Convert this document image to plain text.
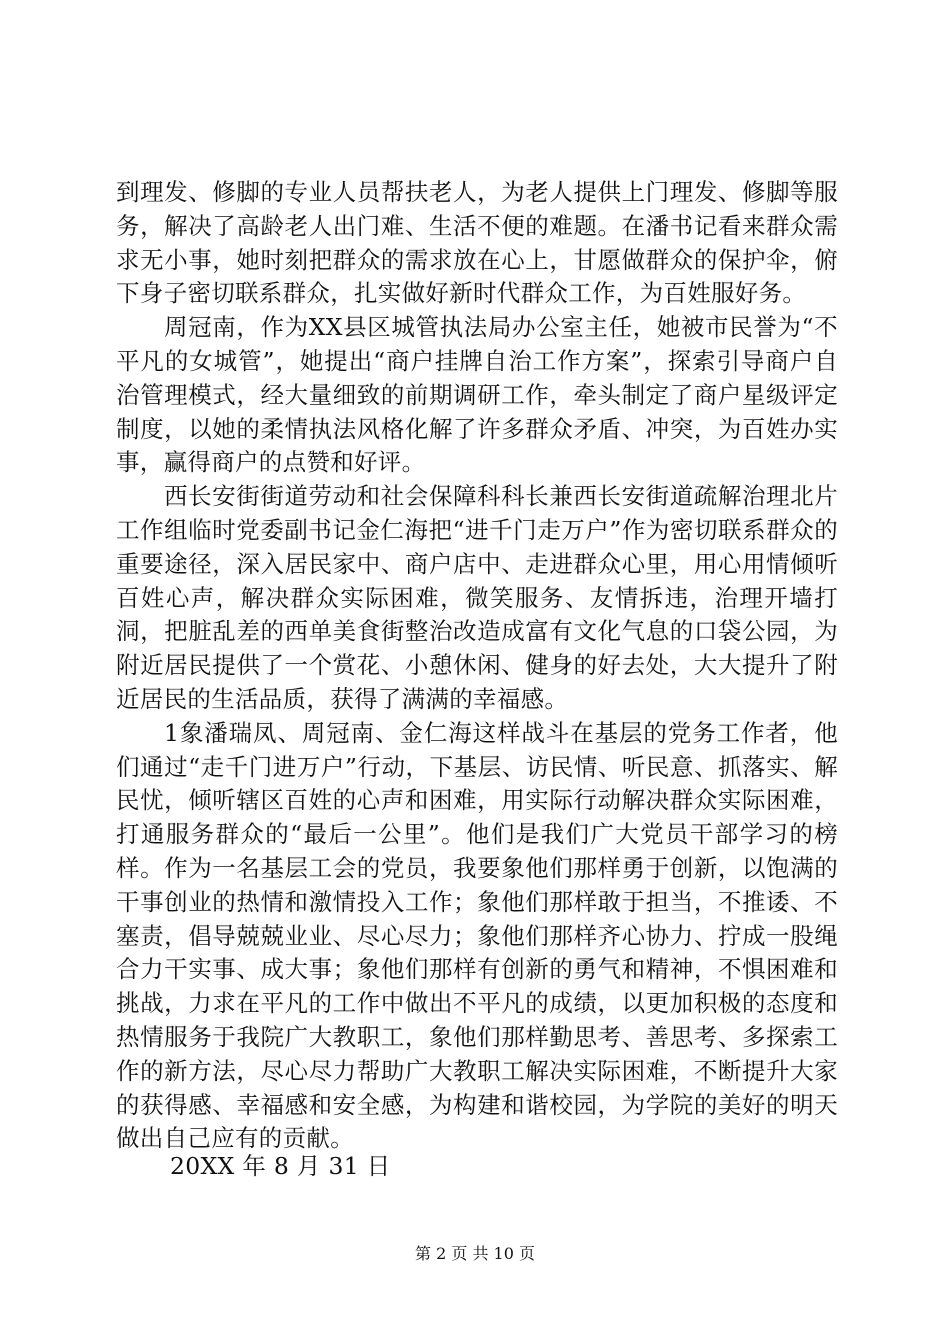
到理发、修脚的专业人员帮扶老人，为老人提供上门理发、修脚等服务，解决了高龄老人出门难、生活不便的难题。在潘书记看来群众需求无小事，她时刻把群众的需求放在心上，甘愿做群众的保护伞，俯下身子密切联系群众，扎实做好新时代群众工作，为百姓服好务。

周冠南，作为XX县区城管执法局办公室主任，她被市民誉为“不平凡的女城管”，她提出“商户挂牌自治工作方案”，探索引导商户自治管理模式，经大量细致的前期调研工作，牵头制定了商户星级评定制度，以她的柔情执法风格化解了许多群众矛盾、冲突，为百姓办实事，赢得商户的点赞和好评。

西长安街街道劳动和社会保障科科长兼西长安街道疏解治理北片工作组临时党委副书记金仁海把“进千门走万户”作为密切联系群众的重要途径，深入居民家中、商户店中、走进群众心里，用心用情倾听百姓心声，解决群众实际困难，微笑服务、友情拆违，治理开墙打洞，把脏乱差的西单美食街整治改造成富有文化气息的口袋公园，为附近居民提供了一个赏花、小憩休闲、健身的好去处，大大提升了附近居民的生活品质，获得了满满的幸福感。

1象潘瑞凤、周冠南、金仁海这样战斗在基层的党务工作者，他们通过“走千门进万户”行动，下基层、访民情、听民意、抓落实、解民忧，倾听辖区百姓的心声和困难，用实际行动解决群众实际困难，打通服务群众的“最后一公里”。他们是我们广大党员干部学习的榜样。作为一名基层工会的党员，我要象他们那样勇于创新，以饱满的干事创业的热情和激情投入工作；象他们那样敢于担当，不推诿、不塞责，倡导兢兢业业、尽心尽力；象他们那样齐心协力、拧成一股绳合力干实事、成大事；象他们那样有创新的勇气和精神，不惧困难和挑战，力求在平凡的工作中做出不平凡的成绩，以更加积极的态度和热情服务于我院广大教职工，象他们那样勤思考、善思考、多探索工作的新方法，尽心尽力帮助广大教职工解决实际困难，不断提升大家的获得感、幸福感和安全感，为构建和谐校园，为学院的美好的明天做出自己应有的贡献。

20XX 年 8 月 31 日
第 2 页 共 10 页
